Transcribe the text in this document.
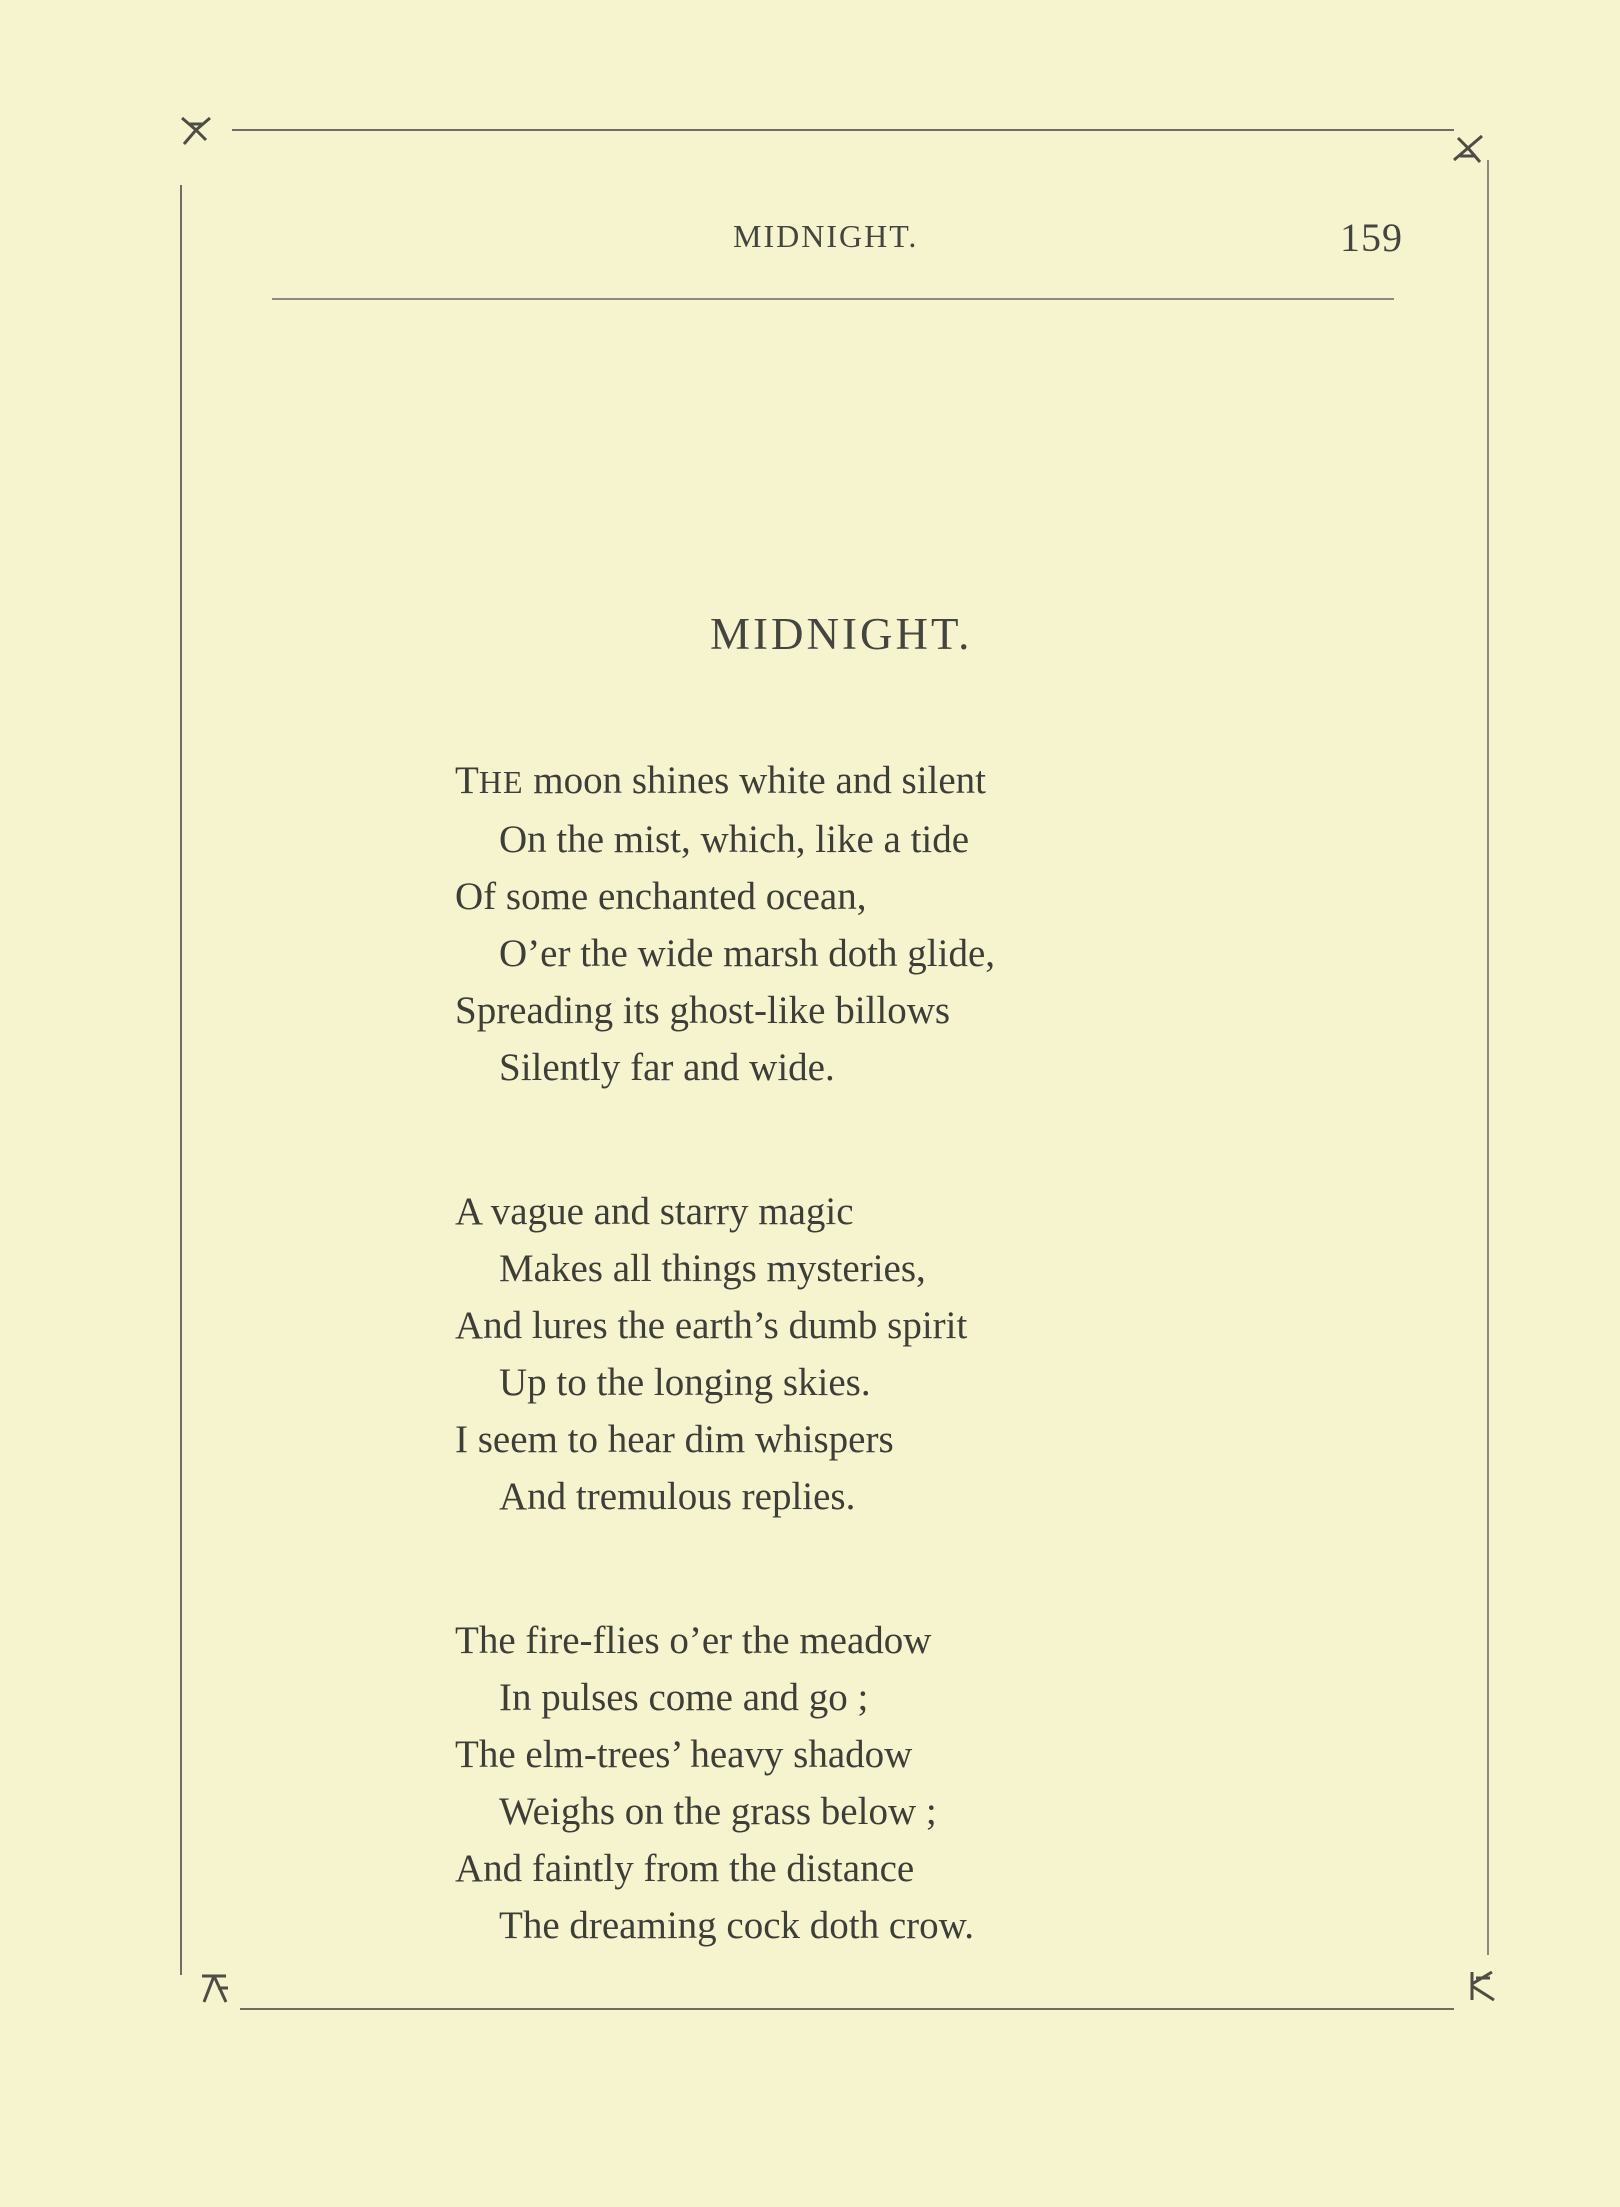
MIDNIGHT.	159
MIDNIGHT.
THE moon shines white and silent
On the mist, which, like a tide
Of some enchanted ocean,
O’er the wide marsh doth glide,
Spreading its ghost-like billows
Silently far and wide.
A vague and starry magic
Makes all things mysteries,
And lures the earth’s dumb spirit
Up to the longing skies.
I seem to hear dim whispers
And tremulous replies.
The fire-flies o’er the meadow
In pulses come and go ;
The elm-trees’ heavy shadow
Weighs on the grass below ;
And faintly from the distance
The dreaming cock doth crow.
